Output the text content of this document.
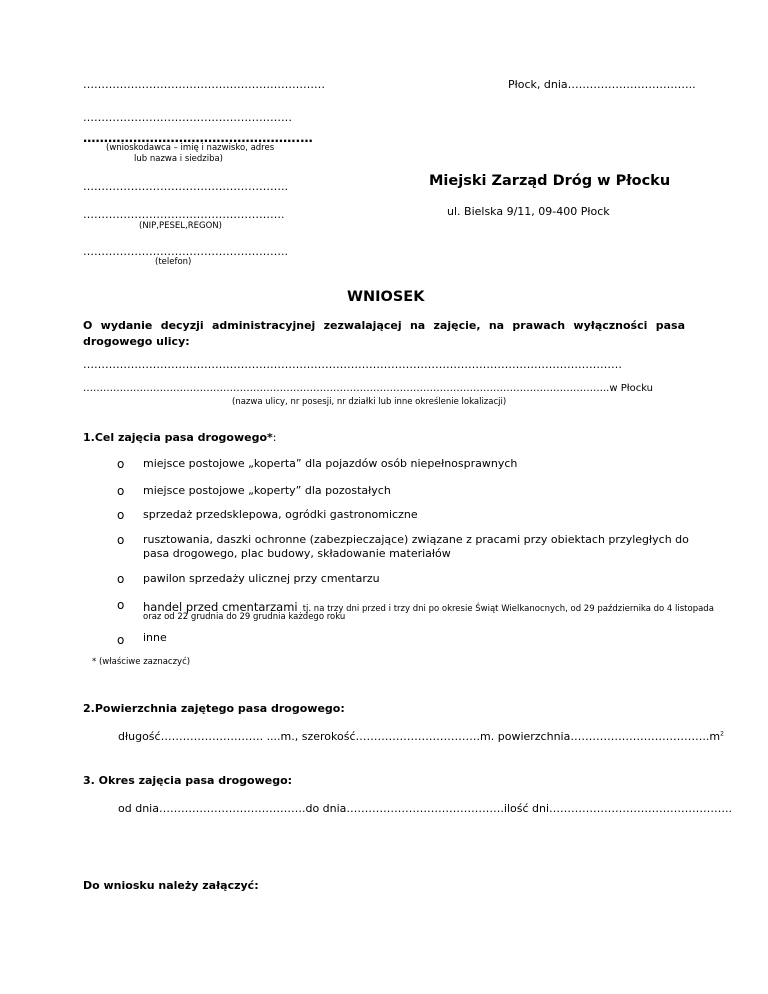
…………………………………………………………	Płock, dnia……………………………..
…………………………………………………
…………………………………………….…
(wnioskodawca – imię i nazwisko, adres
lub nazwa i siedziba)
………………………………………………..	Miejski Zarząd Dróg w Płocku
……………………………………………….	ul. Bielska 9/11, 09-400 Płock
(NIP,PESEL,REGON)
………………………………………………..
(telefon)
WNIOSEK
O wydanie decyzji administracyjnej zezwalającej na zajęcie, na prawach wyłączności pasa drogowego ulicy:
…………………………………………………………………………………………………………………………………
…………………………………………………………………………………………………………………………………………..w Płocku
(nazwa ulicy, nr posesji, nr działki lub inne określenie lokalizacji)
1.Cel zajęcia pasa drogowego*:
o miejsce postojowe „koperta” dla pojazdów osób niepełnosprawnych
o miejsce postojowe „koperty” dla pozostałych
o sprzedaż przedsklepowa, ogródki gastronomiczne
o rusztowania, daszki ochronne (zabezpieczające) związane z pracami przy obiektach przyległych do
pasa drogowego, plac budowy, składowanie materiałów
o pawilon sprzedaży ulicznej przy cmentarzu
o handel przed cmentarzami tj. na trzy dni przed i trzy dni po okresie Świąt Wielkanocnych, od 29 października do 4 listopada
oraz od 22 grudnia do 29 grudnia każdego roku
o inne
* (właściwe zaznaczyć)
2.Powierzchnia zajętego pasa drogowego:
długość………………………. ....m., szerokość…………………………….m. $powierzchnia\dots\dots\dots\dots\dots\dots\dots\dots\dots\dots\dots\dots..m^2$
3. Okres zajęcia pasa drogowego:
od dnia………………………………….do dnia…………………………………….ilość dni…………………………………………..
Do wniosku należy załączyć:
